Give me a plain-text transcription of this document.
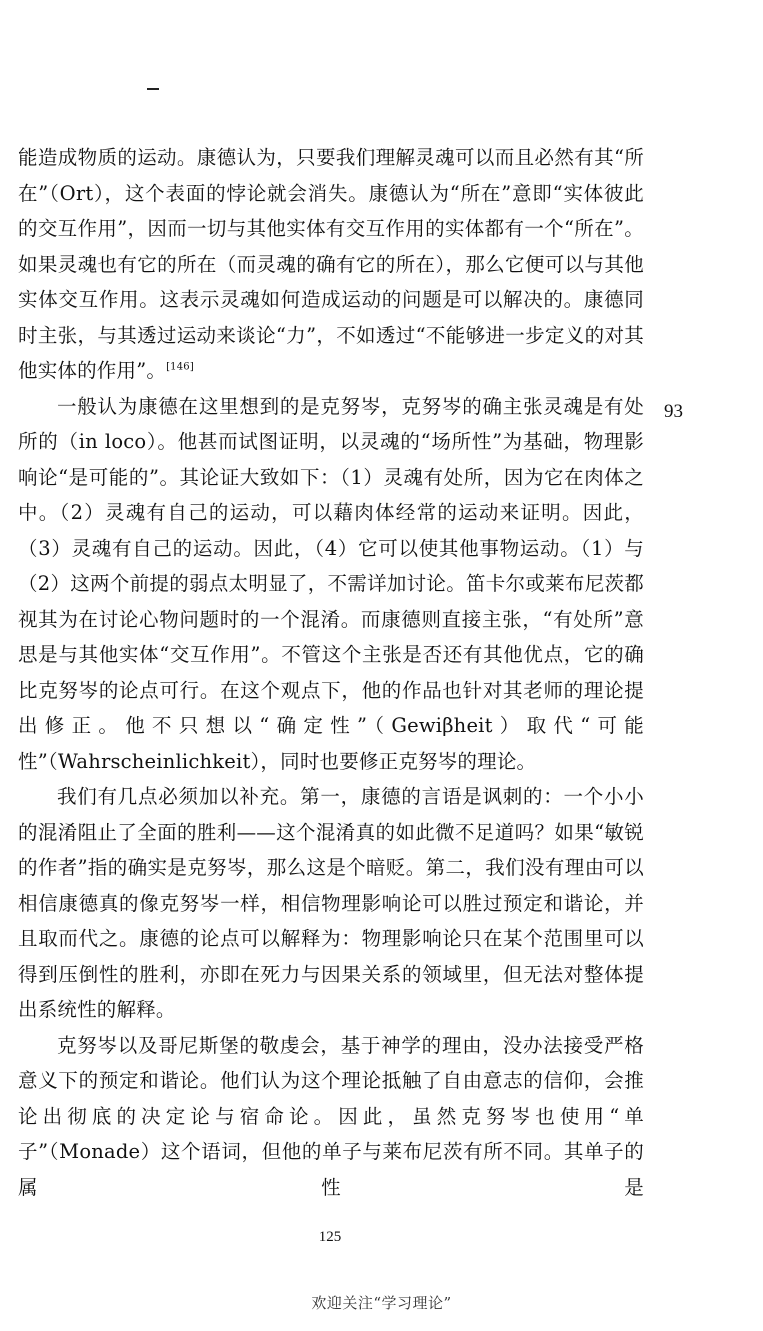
能造成物质的运动。康德认为，只要我们理解灵魂可以而且必然有其“所在”（Ort），这个表面的悖论就会消失。康德认为“所在”意即“实体彼此的交互作用”，因而一切与其他实体有交互作用的实体都有一个“所在”。如果灵魂也有它的所在（而灵魂的确有它的所在），那么它便可以与其他实体交互作用。这表示灵魂如何造成运动的问题是可以解决的。康德同时主张，与其透过运动来谈论“力”，不如透过“不能够进一步定义的对其他实体的作用”。[146]

一般认为康德在这里想到的是克努岑，克努岑的确主张灵魂是有处所的（in loco）。他甚而试图证明，以灵魂的“场所性”为基础，物理影响论“是可能的”。其论证大致如下：（1）灵魂有处所，因为它在肉体之中。（2）灵魂有自己的运动，可以藉肉体经常的运动来证明。因此，（3）灵魂有自己的运动。因此，（4）它可以使其他事物运动。（1）与（2）这两个前提的弱点太明显了，不需详加讨论。笛卡尔或莱布尼茨都视其为在讨论心物问题时的一个混淆。而康德则直接主张，“有处所”意思是与其他实体“交互作用”。不管这个主张是否还有其他优点，它的确比克努岑的论点可行。在这个观点下，他的作品也针对其老师的理论提出修正。他不只想以“确定性”（Gewiβheit）取代“可能性”（Wahrscheinlichkeit），同时也要修正克努岑的理论。

我们有几点必须加以补充。第一，康德的言语是讽刺的：一个小小的混淆阻止了全面的胜利——这个混淆真的如此微不足道吗？如果“敏锐的作者”指的确实是克努岑，那么这是个暗贬。第二，我们没有理由可以相信康德真的像克努岑一样，相信物理影响论可以胜过预定和谐论，并且取而代之。康德的论点可以解释为：物理影响论只在某个范围里可以得到压倒性的胜利，亦即在死力与因果关系的领域里，但无法对整体提出系统性的解释。

克努岑以及哥尼斯堡的敬虔会，基于神学的理由，没办法接受严格意义下的预定和谐论。他们认为这个理论抵触了自由意志的信仰，会推论出彻底的决定论与宿命论。因此，虽然克努岑也使用“单子”（Monade）这个语词，但他的单子与莱布尼茨有所不同。其单子的属性是

93
125
欢迎关注“学习理论”
